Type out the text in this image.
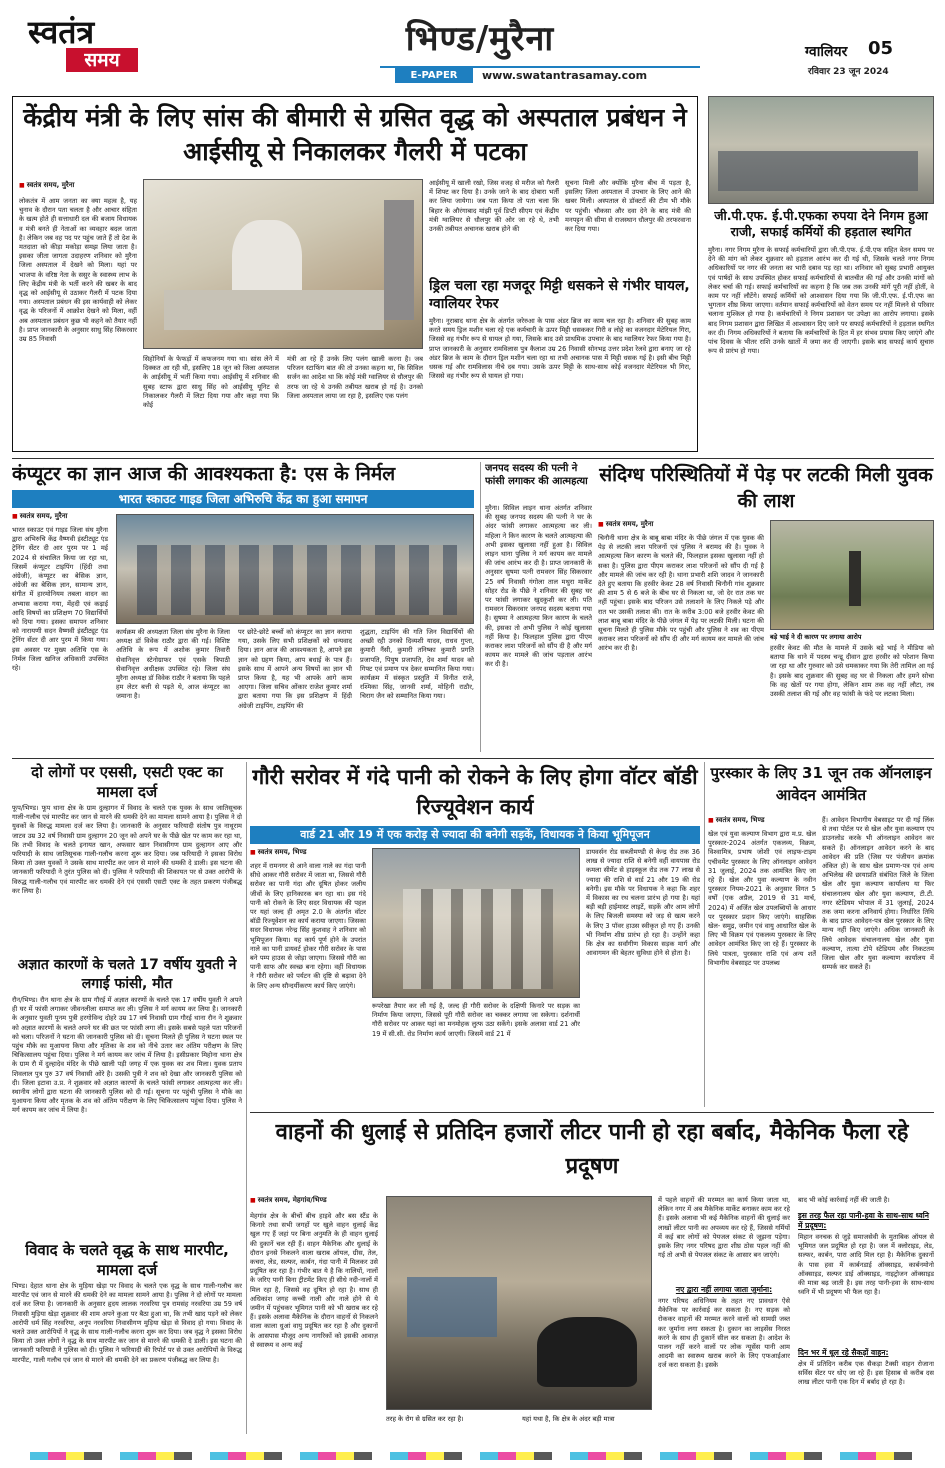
स्वतंत्र
समय
भिण्ड/मुरैना
E-PAPER	www.swatantrasamay.com
ग्वालियर 05
रविवार 23 जून 2024
केंद्रीय मंत्री के लिए सांस की बीमारी से ग्रसित वृद्ध को अस्पताल प्रबंधन ने आईसीयू से निकालकर गैलरी में पटका
■ स्वतंत्र समय, मुरैना
लोकतंत्र में आम जनता का क्या महत्व है, यह चुनाव के दौरान पता चलता है और आचार संहिता के खत्म होते ही सत्ताधारी दल की बजाय विधायक व मंत्री बनते ही नेताओं का व्यवहार बदल जाता है। लेकिन जब वह पद पर पहुंच जाते हैं तो देश के मतदाता को कीड़ा मकोड़ा समझ लिया जाता है। इसका जीता जागता उदाहरण शनिवार को मुरैना जिला अस्पताल में देखने को मिला। यहां पर भाजपा के वरिष्ठ नेता के ससुर के स्वास्थ्य लाभ के लिए केंद्रीय मंत्री के भर्ती करने की खबर के बाद वृद्ध को आईसीयू से उठाकर गैलरी में पटक दिया गया। अस्पताल प्रबंधन की इस कार्यवाही को लेकर वृद्ध के परिजनों में आक्रोश देखने को मिला, वहीं अब अस्पताल प्रबंधन कुछ भी कहने को तैयार नहीं है। प्राप्त जानकारी के अनुसार साधु सिंह सिकरवार उम्र 85 निवासी
सिहोनियाँ के फेफड़ों में कफजनम गया था। सांस लेने में दिक्कत आ रही थी, इसलिए 18 जून को जिला अस्पताल के आईसीयू में भर्ती किया गया। आईसीयू में शनिवार की सुबह स्टाफ द्वारा साधु सिंह को आईसीयू यूनिट से निकालकर गैलरी में लिटा दिया गया और कहा गया कि कोई
मंत्री आ रहे हैं उनके लिए पलंग खाली करना है। जब परिजन स्टाफिंग बात की तो उनका कहना था, कि सिविल सर्जन का आदेश था कि कोई मंत्री ग्वालियर से धौलपुर की तरफ जा रहे थे उनकी तबीयत खराब हो गई है। उनको जिला अस्पताल लाया जा रहा है, इसलिए एक पलंग
आईसीयू में खाली रखो, जिस वजह से मरीज को गैलरी में शिफ्ट कर दिया है। उनके जाने के बाद दोबारा भर्ती कर लिया जायेगा। जब पता किया तो पता चला कि बिहार के औरंगाबाद मांझी पूर्व डिप्टी सीएम एवं केंद्रीय मंत्री ग्वालियर से धौलपुर की ओर जा रहे थे, तभी उनकी तबीयत अचानक खराब होने की
सूचना मिली और क्योंकि मुरैना बीच में पड़ता है, इसलिए जिला अस्पताल में उपचार के लिए आने की खबर मिली। अस्पताल से डॉक्टरों की टीम भी मौके पर पहुंची। चौकसा और दवा देने के बाद मंत्री की मनपट्टन की सीमा से राजस्थान धौलपुर की तरफरवाना कर दिया गया।
ड्रिल चला रहा मजदूर मिट्टी धसकने से गंभीर घायल, ग्वालियर रेफर
मुरैना। नूराबाद थाना क्षेत्र के अंतर्गत जरेरुआ के पास अंडर ब्रिज का काम चल रहा है। शनिवार की सुबह काम करते समय ड्रिल मशीन चला रहे एक कर्मचारी के ऊपर मिट्टी धसककर गिरी व लोहे का वजनदार मेटेरियल गिरा, जिससे वह गंभीर रूप से घायल हो गया, जिसके बाद उसे प्राथमिक उपचार के बाद ग्वालियर रेफर किया गया है। प्राप्त जानकारी के अनुसार रामविलास पुत्र कैलाश उम्र 26 निवासी सोनभद्र उत्तर प्रदेश रेलवे द्वारा बनाए जा रहे अंडर ब्रिज के काम के दौरान ड्रिल मशीन चला रहा था तभी अचानक पास में मिट्टी धसक गई है। इसी बीच मिट्टी धसक गई और रामविलास नीचे दब गया। उसके ऊपर मिट्टी के साथ-साथ कोई वजनदार मेटेरियल भी गिरा, जिससे वह गंभीर रूप से घायल हो गया।
जी.पी.एफ. ई.पी.एफका रुपया देने निगम हुआ राजी, सफाई कर्मियों की हड़ताल स्थगित
मुरैना। नगर निगम मुरैना के सफाई कर्मचारियों द्वारा जी.पी.एफ. ई.पी.एफ सहित वेतन समय पर देने की मांग को लेकर शुक्रवार को हड़ताल आरंभ कर दी गई थी, जिसके चलते नगर निगम अधिकारियों पर नगर की जनता का भारी दबाव पड़ रहा था। शनिवार को सुबह प्रभारी आयुक्त एवं पार्षदों के साथ उपस्थित होकर सफाई कर्मचारियों से बातचीत की गई और उनकी मांगों को लेकर चर्चा की गई। सफाई कर्मचारियों का कहना है कि जब तक उनकी मांगें पूरी नहीं होतीं, वे काम पर नहीं लौटेंगे। सफाई कर्मियों को आश्वासन दिया गया कि जी.पी.एफ. ई.पी.एफ का भुगतान शीघ्र किया जाएगा। वर्तमान सफाई कर्मचारियों को वेतन समय पर नहीं मिलने से परिवार चलाना मुश्किल हो गया है। कर्मचारियों ने निगम प्रशासन पर उपेक्षा का आरोप लगाया। इसके बाद निगम प्रशासन द्वारा लिखित में आश्वासन दिए जाने पर सफाई कर्मचारियों ने हड़ताल स्थगित कर दी। निगम अधिकारियों ने बताया कि कर्मचारियों के हित में हर संभव प्रयास किए जाएंगे और पांच दिवस के भीतर राशि उनके खातों में जमा कर दी जाएगी। इसके बाद सफाई कार्य सुचारु रूप से प्रारंभ हो गया।
कंप्यूटर का ज्ञान आज की आवश्यकता है: एस के निर्मल
भारत स्काउट गाइड जिला अभिरुचि केंद्र का हुआ समापन
■ स्वतंत्र समय, मुरैना
भारत स्काउट एवं गाइड जिला संघ मुरैना द्वारा अभिरुचि केंद्र वैष्णवी इंस्टीट्यूट एंड ट्रेनिंग सेंटर दी आर पुरम पर 1 मई 2024 से संचालित किया जा रहा था, जिसमें कंप्यूटर टाइपिंग (हिंदी तथा अंग्रेजी), कंप्यूटर का बेसिक ज्ञान, अंग्रेजी का बेसिक ज्ञान, सामान्य ज्ञान, संगीत में हारमोनियम तबला वादन का अभ्यास कराया गया, मेंहदी एवं कढ़ाई आदि विषयों का प्रशिक्षण 70 विद्यार्थियों को दिया गया। इसका समापन शनिवार को नारायणी सदन वैष्णवी इंस्टीट्यूट एंड ट्रेनिंग सेंटर दी आर पुरम में किया गया। इस अवसर पर मुख्य अतिथि एस के निर्मल जिला खनिज अधिकारी उपस्थित रहे।
कार्यक्रम की अध्यक्षता जिला संघ मुरैना के जिला अध्यक्ष डॉ विवेक राठौर द्वारा की गई। विशिष्ट अतिथि के रूप में अशोक कुमार तिवारी सेवानिवृत्त स्टेनोग्राफर एवं एसके त्रिपाठी सेवानिवृत्त अधीक्षक उपस्थित रहे। जिला संघ मुरैना अध्यक्ष डॉ विवेक राठौर ने बताया कि पहले हम लेटर बत्ती से पढ़ते थे, आज कंप्यूटर का जमाना है।
पर छोटे-छोटे बच्चों को कंप्यूटर का ज्ञान कराया गया, उसके लिए सभी प्रशिक्षकों को धन्यवाद दिया। ज्ञान आज की आवश्यकता है, आपने इस ज्ञान को ग्रहण किया, आप बधाई के पात्र हैं। इसके साथ में आपने अन्य विषयों का ज्ञान भी प्राप्त किया है, यह भी आपके आगे काम आएगा। जिला सचिव ओंकार राजेश कुमार शर्मा द्वारा बताया गया कि इस प्रशिक्षण में हिंदी अंग्रेजी टाइपिंग, टाइपिंग की
शुद्धता, टाइपिंग की गति जिन विद्यार्थियों की अच्छी रही उनको दिव्यशी यादव, राधव गुप्ता, कुमारी नैंसी, कुमारी तनिष्का कुमारी प्रगति प्रजापति, पियुष प्रजापति, देव शर्मा यादव को गिफ्ट एवं प्रमाण पत्र देकर सम्मानित किया गया। कार्यक्रम में संस्कृत प्रस्तुति में विनीत राजे, रश्मिका सिंह, जानवी शर्मा, मोहिनी राठौर, चिराग जैन को सम्मानित किया गया।
जनपद सदस्य की पत्नी ने फांसी लगाकर की आत्महत्या
मुरैना। सिविल लाइन थाना अंतर्गत शनिवार की सुबह जनपद सदस्य की पत्नी ने घर के अंदर फांसी लगाकर आत्महत्या कर ली। महिला ने किन कारण के चलते आत्महत्या की अभी इसका खुलासा नहीं हुआ है। सिविल लाइन थाना पुलिस ने मर्ग कायम कर मामले की जांच आरंभ कर दी है। प्राप्त जानकारी के अनुसार सुषमा पत्नी रामवरन सिंह सिकरवार 25 वर्ष निवासी गंगोला ताल मथुरा मार्केट सोहर रोड के पीछे ने शनिवार की सुबह घर पर फांसी लगाकर खुदकुशी कर ली। पति रामवरन सिकरवार जनपद सदस्य बताया गया है। सुषमा ने आत्महत्या किन कारण के चलते की, इसका तो अभी पुलिस ने कोई खुलासा नहीं किया है। फिलहाल पुलिस द्वारा पीएम कराकर लाश परिजनों को सौंप दी है और मर्ग कायम कर मामले की जांच पड़ताल आरंभ कर दी है।
संदिग्ध परिस्थितियों में पेड़ पर लटकी मिली युवक की लाश
■ स्वतंत्र समय, मुरैना
चिनौनी थाना क्षेत्र के बाबू बाबा मंदिर के पीछे जंगल में एक युवक की पेड़ से लटकी लाश परिजनों एवं पुलिस ने बरामद की है। युवक ने आत्महत्या किन कारण के चलते की, फिलहाल इसका खुलासा नहीं हो सका है। पुलिस द्वारा पीएम कराकर लाश परिजनों को सौंप दी गई है और मामले की जांच कर रही है। थाना प्रभारी शशि जादव ने जानकारी देते हुए बताया कि हरवीर केवट 28 वर्ष निवासी चिनौनी गांव शुक्रवार की शाम 5 से 6 बजे के बीच घर से निकला था, जो देर रात तक घर नहीं पहुंचा। इसके बाद परिजन उसे तलाशने के लिए निकले पड़े और रात भर उसकी तलाश की। रात के करीब 3:00 बजे हरवीर केवट की लाश बाबू बाबा मंदिर के पीछे जंगल में पेड़ पर लटकी मिली। घटना की सूचना मिलते ही पुलिस मौके पर पहुंची और पुलिस ने शव का पीएम कराकर लाश परिजनों को सौंप दी और मर्ग कायम कर मामले की जांच आरंभ कर दी है।
बड़े भाई ने दी कारण पर लगाया आरोप
हरवीर केवट की मौत के मामले में उसके बड़े भाई ने मीडिया को बताया कि थाने में पदस्थ चन्द्रू दीवान द्वारा हरवीर को परेशान किया जा रहा था और गुरुवार को उसे धमकाकर गया कि तेरी तामिल आ गई है। इसके बाद शुक्रवार की सुबह वह घर से निकला और हमने सोचा कि वह खेतों पर गया होगा, लेकिन शाम तक वह नहीं लौटा, तब उसकी तलाश की गई और वह फांसी के फंदे पर लटका मिला।
दो लोगों पर एससी, एसटी एक्ट का मामला दर्ज
फूप/भिण्ड। फूप थाना क्षेत्र के ग्राम दुल्हागन में विवाद के चलते एक युवक के साथ जातिसूचक गाली-गलौच एवं मारपीट कर जान से मारने की धमकी देने का मामला सामने आया है। पुलिस ने दो युवकों के विरुद्ध मामला दर्ज कर लिया है। जानकारी के अनुसार फरियादी संतोष पुत्र नाथूराम जाटव उम्र 32 वर्ष निवासी ग्राम दुल्हागन 20 जून को अपने घर के पीछे खेत पर काम कर रहा था, कि तभी विवाद के चलते इनायत खान, अफसार खान निवासीगण ग्राम दुल्हागन आए और फरियादी के साथ जातिसूचक गाली-गलौच करना शुरू कर दिया। जब फरियादी ने इसका विरोध किया तो उक्त युवकों ने उसके साथ मारपीट कर जान से मारने की धमकी दे डाली। इस घटना की जानकारी फरियादी ने तुरंत पुलिस को दी। पुलिस ने फरियादी की शिकायत पर से उक्त आरोपी के विरुद्ध गाली-गलौच एवं मारपीट कर धमकी देने एवं एससी एसटी एक्ट के तहत प्रकरण पंजीबद्ध कर लिया है।
अज्ञात कारणों के चलते 17 वर्षीय युवती ने लगाई फांसी, मौत
रौन/भिण्ड। रौन थाना क्षेत्र के ग्राम गौरई में अज्ञात कारणों के चलते एक 17 वर्षीय युवती ने अपने ही घर में फांसी लगाकर जीवनलीला समाप्त कर ली। पुलिस ने मर्ग कायम कर लिया है। जानकारी के अनुसार युवती पूनम पुत्री हरगोविन्द दोहरे उम्र 17 वर्ष निवासी ग्राम गौरई थाना रौन ने शुक्रवार को अज्ञात कारणों के चलते अपने घर की छत पर फांसी लगा ली। इसके सबसे पहले पता परिजनों को चला। परिजनों ने घटना की जानकारी पुलिस को दी। सूचना मिलते ही पुलिस ने घटना स्थल पर पहुंच मौके का मुआयना किया और मृतिका के शव को नीचे उतार कर अंतिम परीक्षण के लिए चिकित्सालय पहुंचा दिया। पुलिस ने मर्ग कायम कर जांच में लिया है। इसीप्रकार मिहोना थाना क्षेत्र के ग्राम रौ में दुल्हादेव मंदिर के पीछे खाली पड़ी जगह में एक युवक का शव मिला। युवक प्रताप शिवलाल पुत्र पुरु 37 वर्ष निवासी ओरे है। उसकी पुत्री ने शव को देखा और जानकारी पुलिस को दी। जिला इटावा उ.प्र. ने शुक्रवार को अज्ञात कारणों के चलते फांसी लगाकर आत्महत्या कर ली। स्थानीय लोगों द्वारा घटना की जानकारी पुलिस को दी गई। सूचना पर पहुंची पुलिस ने मौके का मुआयना किया और मृतक के शव को अंतिम परीक्षण के लिए चिकित्सालय पहुंचा दिया। पुलिस ने मर्ग कायम कर जांच में लिया है।
विवाद के चलते वृद्ध के साथ मारपीट, मामला दर्ज
भिण्ड। देहात थाना क्षेत्र के मुड़िया खेड़ा पर विवाद के चलते एक वृद्ध के साथ गाली-गलौच कर मारपीट एवं जान से मारने की धमकी देने का मामला सामने आया है। पुलिस ने दो लोगों पर मामला दर्ज कर लिया है। जानकारी के अनुसार हृदय लालक नरवरिया पुत्र रामसंह नरवरिया उम्र 59 वर्ष निवासी मुड़िया खेड़ा शुक्रवार की शाम अपने कुआ पर बैठा हुआ था, कि तभी खाद पड़ने को लेकर आरोपी धर्म सिंह नरवरिया, अनूप नरवरिया निवासीगण मुड़िया खेड़ा से विवाद हो गया। विवाद के चलते उक्त आरोपियों ने वृद्ध के साथ गाली-गलौच करना शुरू कर दिया। जब वृद्ध ने इसका विरोध किया तो उक्त लोगों ने वृद्ध के साथ मारपीट कर जान से मारने की धमकी दे डाली। इस घटना की जानकारी फरियादी ने पुलिस को दी। पुलिस ने फरियादी की रिपोर्ट पर से उक्त आरोपियों के विरुद्ध मारपीट, गाली गलौच एवं जान से मारने की धमकी देने का प्रकरण पंजीबद्ध कर लिया है।
गौरी सरोवर में गंदे पानी को रोकने के लिए होगा वॉटर बॉडी रिज्यूवेशन कार्य
वार्ड 21 और 19 में एक करोड़ से ज्यादा की बनेगी सड़कें, विधायक ने किया भूमिपूजन
■ स्वतंत्र समय, भिण्ड
शहर में रामनगर से आने वाला नाले का गंदा पानी सीधे आकर गौरी सरोवर में जाता था, जिससे गौरी सरोवर का पानी गंदा और दूषित होकर जलीय जीवों के लिए हानिकारक बन रहा था। इस गंदे पानी को रोकने के लिए सदर विधायक की पहल पर यहां जल्द ही अमृत 2.0 के अंतर्गत वॉटर बॉडी रिज्यूवेशन का कार्य कराया जाएगा। जिसका सदर विधायक नरेन्द्र सिंह कुशवाह ने शनिवार को भूमिपूजन किया। यह कार्य पूर्ण होने के उपरांत नाले का पानी डायवर्ट होकर गौरी सरोवर के पास बने पम्प हाउस से जोड़ा जाएगा। जिससे गौरी का पानी साफ और स्वच्छ बना रहेगा। वहीं विधायक ने गौरी सरोवर को पर्यटन की दृष्टि से बढ़ावा देने के लिए अन्य सौन्दर्यीकरण कार्य किए जाएंगे।
रूपरेखा तैयार कर ली गई है, जल्द ही गौरी सरोवर के दक्षिणी किनारे पर सड़क का निर्माण किया जाएगा, जिससे पूरी गौरी सरोवर का चक्कर लगाया जा सकेगा। दर्शनार्थी गौरी सरोवर पर आकर यहां का मनमोहक लुत्फ उठा सकेंगे। इसके अलावा वार्ड 21 और 19 में सी.सी. रोड निर्माण कार्य जाएगी। जिसमें वार्ड 21 में
डायवर्सन रोड सब्जीमण्डी से केन्द्र रोड तक 36 लाख से ज्यादा राशि से बनेगी वहीं वायपास रोड कमला सीमेंट से हाइस्कूल रोड तक 77 लाख से ज्यादा की राशि से वार्ड 21 और 19 की रोड बनेगी। इस मौके पर विधायक ने कहा कि शहर में विकास का रथ चलना प्रारंभ हो गया है। यहां बड़ी बड़ी हाईमास्ट लाइटें, सड़कें और आम लोगों के लिए बिजली समस्या को जड़ से खत्म करने के लिए 3 पॉवर हाउस स्वीकृत हो गए हैं। उनकी भी निर्माण शीघ्र प्रारंभ हो रहा है। उन्होंने कहा कि क्षेत्र का सर्वांगीण विकास सड़क मार्ग और आवागमन की बेहतर सुविधा होने से होता है।
पुरस्कार के लिए 31 जून तक ऑनलाइन आवेदन आमंत्रित
■ स्वतंत्र समय, भिण्ड
खेल एवं युवा कल्याण विभाग द्वारा म.प्र. खेल पुरस्कार-2024 अंतर्गत एकलव्य, विक्रम, विश्वामित्र, प्रभाष जोशी एवं लाइफ-टाइम एचीवमेंट पुरस्कार के लिए ऑनलाइन आवेदन 31 जुलाई, 2024 तक आमंत्रित किए जा रहे हैं। खेल और युवा कल्याण के नवीन पुरस्कार नियम-2021 के अनुसार विगत 5 वर्षों (एक अप्रैल, 2019 से 31 मार्च, 2024) में अर्जित खेल उपलब्धियों के आधार पर पुरस्कार प्रदान किए जाएंगे। साहसिक खेल- समुद्र, जमीन एवं वायु आधारित खेल के लिए भी विक्रम एवं एकलव्य पुरस्कार के लिए आवेदन आमंत्रित किए जा रहे हैं। पुरस्कार के लिये पात्रता, पुरस्कार राशि एवं अन्य शर्तें विभागीय वेबसाइट पर उपलब्ध
हैं। आवेदन विभागीय वेबसाइट पर दी गई लिंक से तथा पोर्टल पर से खेल और युवा कल्याण एप डाउनलोड करके भी ऑनलाइन आवेदन कर सकते हैं। ऑनलाइन आवेदन करने के बाद आवेदन की प्रति (जिस पर पंजीयन क्रमांक अंकित हो) के साथ खेल प्रमाण-पत्र एवं अन्य अभिलेख की छायाप्रति संबंधित जिले के जिला खेल और युवा कल्याण कार्यालय या फिर संचालनालय खेल और युवा कल्याण, टी.टी. नगर स्टेडियम भोपाल में 31 जुलाई, 2024 तक जमा करना अनिवार्य होगा। निर्धारित तिथि के बाद प्राप्त आवेदन-पत्र खेल पुरस्कार के लिए मान्य नहीं किए जाएंगे। अधिक जानकारी के लिये आवेदक संचालनालय खेल और युवा कल्याण, तात्या टोपे स्टेडियम और निकटतम जिला खेल और युवा कल्याण कार्यालय में सम्पर्क कर सकते हैं।
वाहनों की धुलाई से प्रतिदिन हजारों लीटर पानी हो रहा बर्बाद, मैकेनिक फैला रहे प्रदूषण
■ स्वतंत्र समय, मेहगांव/भिण्ड
मेहगांव क्षेत्र के बीचों बीच हाइवे और बस स्टैंड के किनारे तथा सभी जगहों पर खुले वाहन धुलाई केंद्र खुल गए हैं जहां पर बिना अनुमति के ही वाहन धुलाई की दुकानें चल रही हैं। वाहन मैकेनिक और धुलाई के दौरान इनसे निकलने वाला खराब ऑयल, ग्रीस, तेल, कचरा, लेड, सल्फर, कार्बन, गंदा पानी में मिलकर उसे प्रदूषित कर रहा है। गंभीर बात ये है कि नालियों, नालों के जरिए पानी बिना ट्रीटमेंट किए ही सीधे नदी-नालों में मिल रहा है, जिससे वह दूषित हो रहा है। साथ ही अधिकांश जगह कच्ची नाली और नाले होने से ये जमीन में पहुंचकर भूमिगत पानी को भी खराब कर रहे हैं। इसके अलावा मैकेनिक के दौरान वाहनों से निकलने वाला काला धुआं वायु प्रदूषित कर रहा है और दुकानों के आसपास मौजूद अन्य नागरिकों को इसकी आवाज़ से स्वास्थ्य व अन्य कई
तरह के रोग से ग्रसित कर रहा है।	यहां यथा है, कि क्षेत्र के अंदर बड़ी मात्रा
में पहले वाहनों की मरम्मत का कार्य किया जाता था, लेकिन नगर में अब मैकेनिक मार्केट बनाकर काम कर रहे हैं। इसके अलावा भी कई मैकेनिक वाहनों की धुलाई कर लाखों लीटर पानी का अपव्यय कर रहे हैं, जिससे गर्मियों में कई बार लोगों को पेयजल संकट से जूझना पड़ेगा। इसके लिए नगर परिषद द्वारा शीघ्र ठोस पहल नहीं की गई तो अभी से पेयजल संकट के आसार बन जाएंगे।
नए द्वारा नहीं लगाया जाता जुर्माना:
नगर परिषद अधिनियम के तहत नए प्रावधान ऐसे मैकेनिक पर कार्रवाई कर सकता है। नए सड़क को रोककर वाहनों की मरम्मत करने वालों को सामग्री जब्त कर जुर्माना लगा सकता है। दुकान का लाइसेंस निरस्त करने के साथ ही दुकानें सील कर सकता है। आदेश के पालन नहीं करने वालों पर लोक न्यूसेंस यानी आम आदमी का स्वास्थ्य खराब करने के लिए एफआईआर दर्ज करा सकता है। इसके
बाद भी कोई कार्रवाई नहीं की जाती है।
इस तरह फैल रहा पानी-हवा के साथ-साथ ध्वनि में प्रदूषण:
मिहान वनचक से जुड़े समाजसेवी के मुताबिक ऑयल से भूमिगत जल प्रदूषित हो रहा है। जल में क्लोराइड, लेड, सल्फर, कार्बन, पारा आदि मिल रहा है। मैकेनिक दुकानों के पास हवा में कार्बनडाई ऑक्साइड, कार्बनमोनो ऑक्साइड, सल्फर डाई ऑक्साइड, नाइट्रोजन ऑक्साइड की मात्रा बढ़ जाती है। इस तरह पानी-हवा के साथ-साथ ध्वनि में भी प्रदूषण भी फैल रहा है।
दिन भर में धूल रहे सैकड़ों वाहन:
क्षेत्र में प्रतिदिन करीब एक सैकड़ा टैक्सी वाहन रोजाना सर्विस सेंटर पर धोए जा रहे हैं। इस हिसाब से करीब दस लाख लीटर पानी एक दिन में बर्बाद हो रहा है।
